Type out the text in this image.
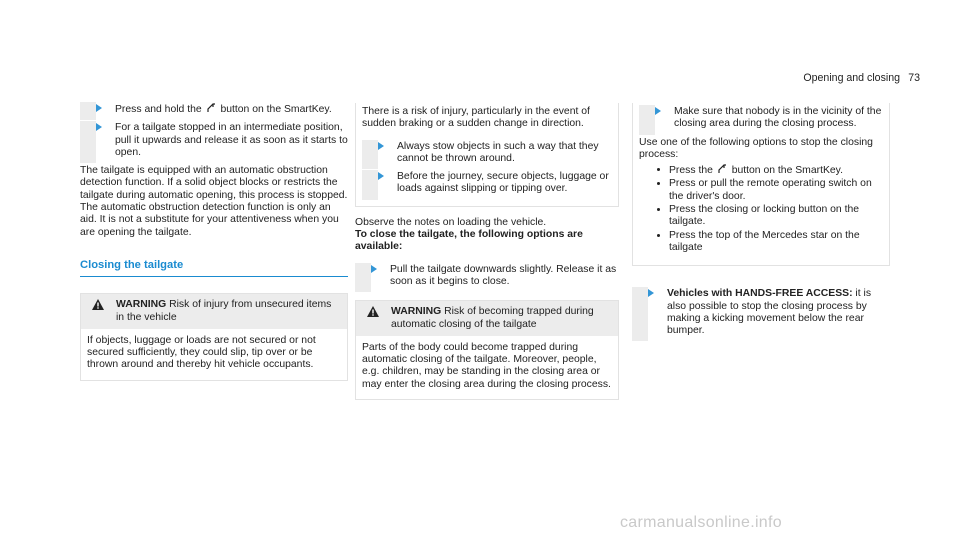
Opening and closing 73
Press and hold the button on the SmartKey.
For a tailgate stopped in an intermediate position, pull it upwards and release it as soon as it starts to open.

The tailgate is equipped with an automatic obstruction detection function. If a solid object blocks or restricts the tailgate during automatic opening, this process is stopped. The automatic obstruction detection function is only an aid. It is not a substitute for your attentiveness when you are opening the tailgate.

Closing the tailgate
WARNING Risk of injury from unsecured items in the vehicle
If objects, luggage or loads are not secured or not secured sufficiently, they could slip, tip over or be thrown around and thereby hit vehicle occupants.

There is a risk of injury, particularly in the event of sudden braking or a sudden change in direction.

Always stow objects in such a way that they cannot be thrown around.
Before the journey, secure objects, luggage or loads against slipping or tipping over.

Observe the notes on loading the vehicle.

To close the tailgate, the following options are available:

Pull the tailgate downwards slightly. Release it as soon as it begins to close.
WARNING Risk of becoming trapped during automatic closing of the tailgate
Parts of the body could become trapped during automatic closing of the tailgate. Moreover, people, e.g. children, may be standing in the closing area or may enter the closing area during the closing process.
Make sure that nobody is in the vicinity of the closing area during the closing process.

Use one of the following options to stop the closing process:

Press the button on the SmartKey.
Press or pull the remote operating switch on the driver's door.
Press the closing or locking button on the tailgate.
Press the top of the Mercedes star on the tailgate
Vehicles with HANDS-FREE ACCESS: it is also possible to stop the closing process by making a kicking movement below the rear bumper.
carmanualsonline.info
